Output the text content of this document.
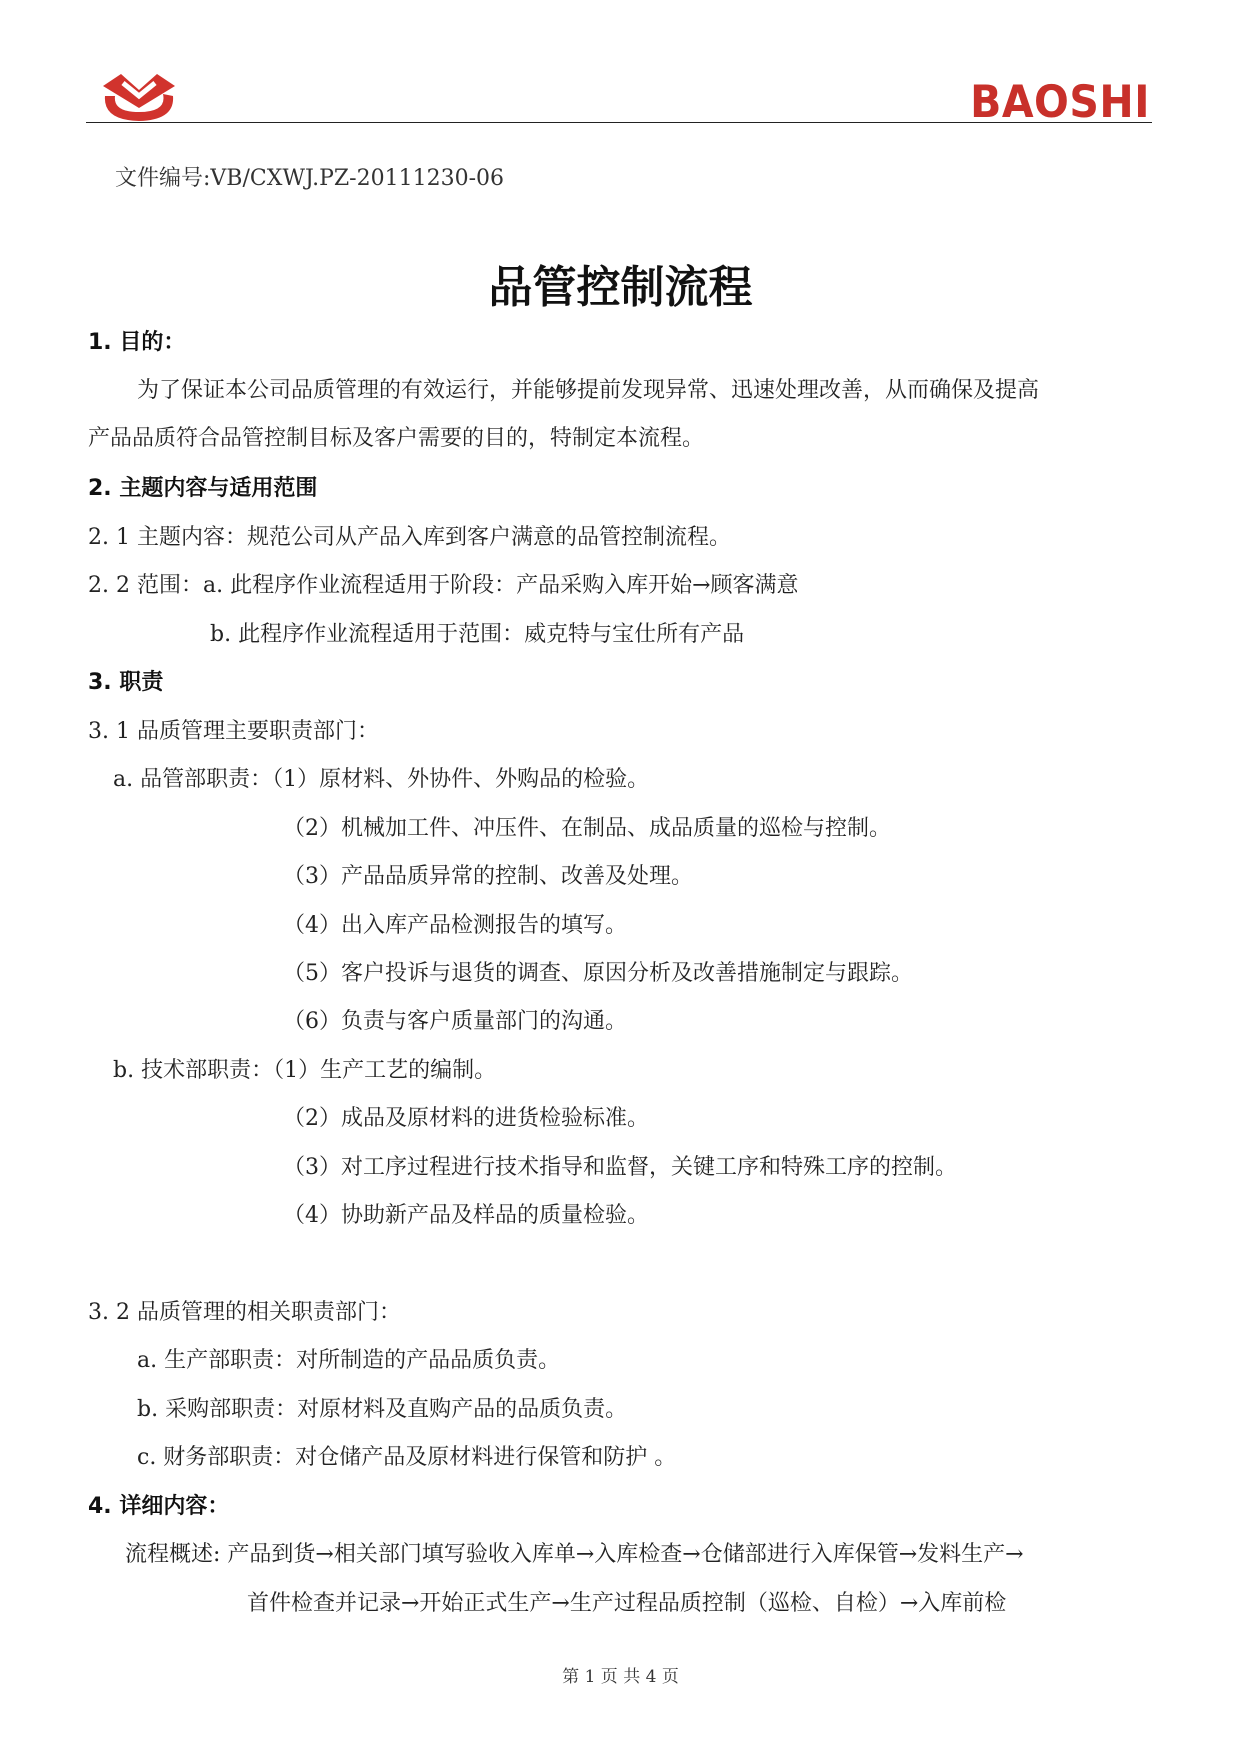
BAOSHI
文件编号:VB/CXWJ.PZ-20111230-06
品管控制流程
1. 目的：
为了保证本公司品质管理的有效运行，并能够提前发现异常、迅速处理改善，从而确保及提高
产品品质符合品管控制目标及客户需要的目的，特制定本流程。
2. 主题内容与适用范围
2. 1 主题内容：规范公司从产品入库到客户满意的品管控制流程。
2. 2 范围：a. 此程序作业流程适用于阶段：产品采购入库开始→顾客满意
b. 此程序作业流程适用于范围：威克特与宝仕所有产品
3. 职责
3. 1 品质管理主要职责部门：
a. 品管部职责：（1）原材料、外协件、外购品的检验。
（2）机械加工件、冲压件、在制品、成品质量的巡检与控制。
（3）产品品质异常的控制、改善及处理。
（4）出入库产品检测报告的填写。
（5）客户投诉与退货的调查、原因分析及改善措施制定与跟踪。
（6）负责与客户质量部门的沟通。
b. 技术部职责：（1）生产工艺的编制。
（2）成品及原材料的进货检验标准。
（3）对工序过程进行技术指导和监督，关键工序和特殊工序的控制。
（4）协助新产品及样品的质量检验。
3. 2 品质管理的相关职责部门：
a. 生产部职责：对所制造的产品品质负责。
b. 采购部职责：对原材料及直购产品的品质负责。
c. 财务部职责：对仓储产品及原材料进行保管和防护 。
4. 详细内容：
流程概述: 产品到货→相关部门填写验收入库单→入库检查→仓储部进行入库保管→发料生产→
首件检查并记录→开始正式生产→生产过程品质控制（巡检、自检）→入库前检
第 1 页 共 4 页
